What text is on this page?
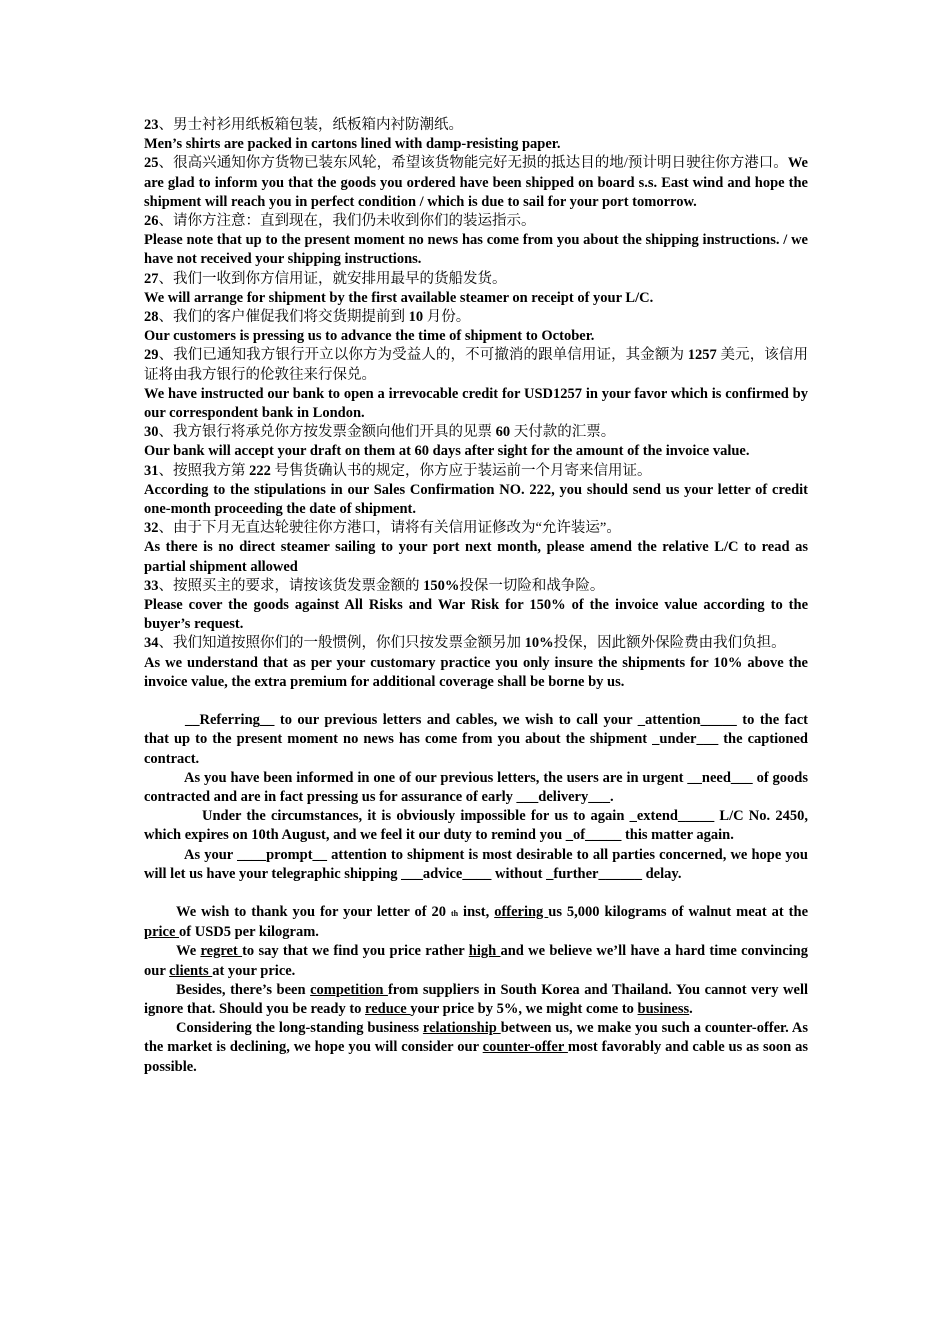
23、男士衬衫用纸板箱包装，纸板箱内衬防潮纸。
Men’s shirts are packed in cartons lined with damp-resisting paper.
25、很高兴通知你方货物已装东风轮，希望该货物能完好无损的抵达目的地/预计明日驶往你方港口。We are glad to inform you that the goods you ordered have been shipped on board s.s. East wind and hope the shipment will reach you in perfect condition / which is due to sail for your port tomorrow.
26、请你方注意：直到现在，我们仍未收到你们的装运指示。
Please note that up to the present moment no news has come from you about the shipping instructions. / we have not received your shipping instructions.
27、我们一收到你方信用证，就安排用最早的货船发货。
We will arrange for shipment by the first available steamer on receipt of your L/C.
28、我们的客户催促我们将交货期提前到 10 月份。
Our customers is pressing us to advance the time of shipment to October.
29、我们已通知我方银行开立以你方为受益人的，不可撤消的跟单信用证，其金额为 1257 美元，该信用证将由我方银行的伦敦往来行保兑。
We have instructed our bank to open a irrevocable credit for USD1257 in your favor which is confirmed by our correspondent bank in London.
30、我方银行将承兑你方按发票金额向他们开具的见票 60 天付款的汇票。
Our bank will accept your draft on them at 60 days after sight for the amount of the invoice value.
31、按照我方第 222 号售货确认书的规定，你方应于装运前一个月寄来信用证。
According to the stipulations in our Sales Confirmation NO. 222, you should send us your letter of credit one-month proceeding the date of shipment.
32、由于下月无直达轮驶往你方港口，请将有关信用证修改为“允许装运”。
As there is no direct steamer sailing to your port next month, please amend the relative L/C to read as partial shipment allowed
33、按照买主的要求，请按该货发票金额的 150%投保一切险和战争险。
Please cover the goods against All Risks and War Risk for 150% of the invoice value according to the buyer’s request.
34、我们知道按照你们的一般惯例，你们只按发票金额另加 10%投保，因此额外保险费由我们负担。
As we understand that as per your customary practice you only insure the shipments for 10% above the invoice value, the extra premium for additional coverage shall be borne by us.
__Referring__ to our previous letters and cables, we wish to call your _attention_____ to the fact that up to the present moment no news has come from you about the shipment _under___ the captioned contract.
As you have been informed in one of our previous letters, the users are in urgent __need___ of goods contracted and are in fact pressing us for assurance of early ___delivery___.
Under the circumstances, it is obviously impossible for us to again _extend_____ L/C No. 2450, which expires on 10th August, and we feel it our duty to remind you _of_____ this matter again.
As your ____prompt__ attention to shipment is most desirable to all parties concerned, we hope you will let us have your telegraphic shipping ___advice____ without _further______ delay.
We wish to thank you for your letter of 20 th inst, offering us 5,000 kilograms of walnut meat at the price of USD5 per kilogram.
We regret to say that we find you price rather high and we believe we’ll have a hard time convincing our clients at your price.
Besides, there’s been competition from suppliers in South Korea and Thailand. You cannot very well ignore that. Should you be ready to reduce your price by 5%, we might come to business.
Considering the long-standing business relationship between us, we make you such a counter-offer. As the market is declining, we hope you will consider our counter-offer most favorably and cable us as soon as possible.
